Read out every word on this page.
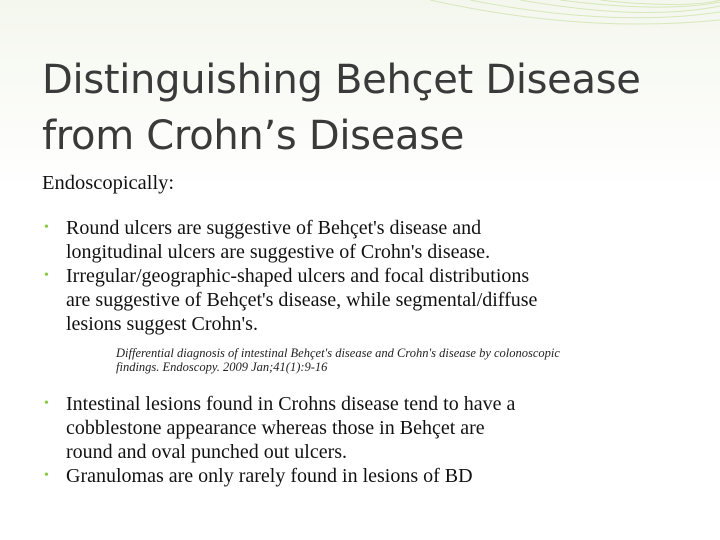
Distinguishing Behçet Disease
from Crohn’s Disease
Endoscopically:
• Round ulcers are suggestive of Behçet's disease and
longitudinal ulcers are suggestive of Crohn's disease.
• Irregular/geographic-shaped ulcers and focal distributions
are suggestive of Behçet's disease, while segmental/diffuse
lesions suggest Crohn's.
Differential diagnosis of intestinal Behçet's disease and Crohn's disease by colonoscopic
findings. Endoscopy. 2009 Jan;41(1):9-16
• Intestinal lesions found in Crohns disease tend to have a
cobblestone appearance whereas those in Behçet are
round and oval punched out ulcers.
• Granulomas are only rarely found in lesions of BD
